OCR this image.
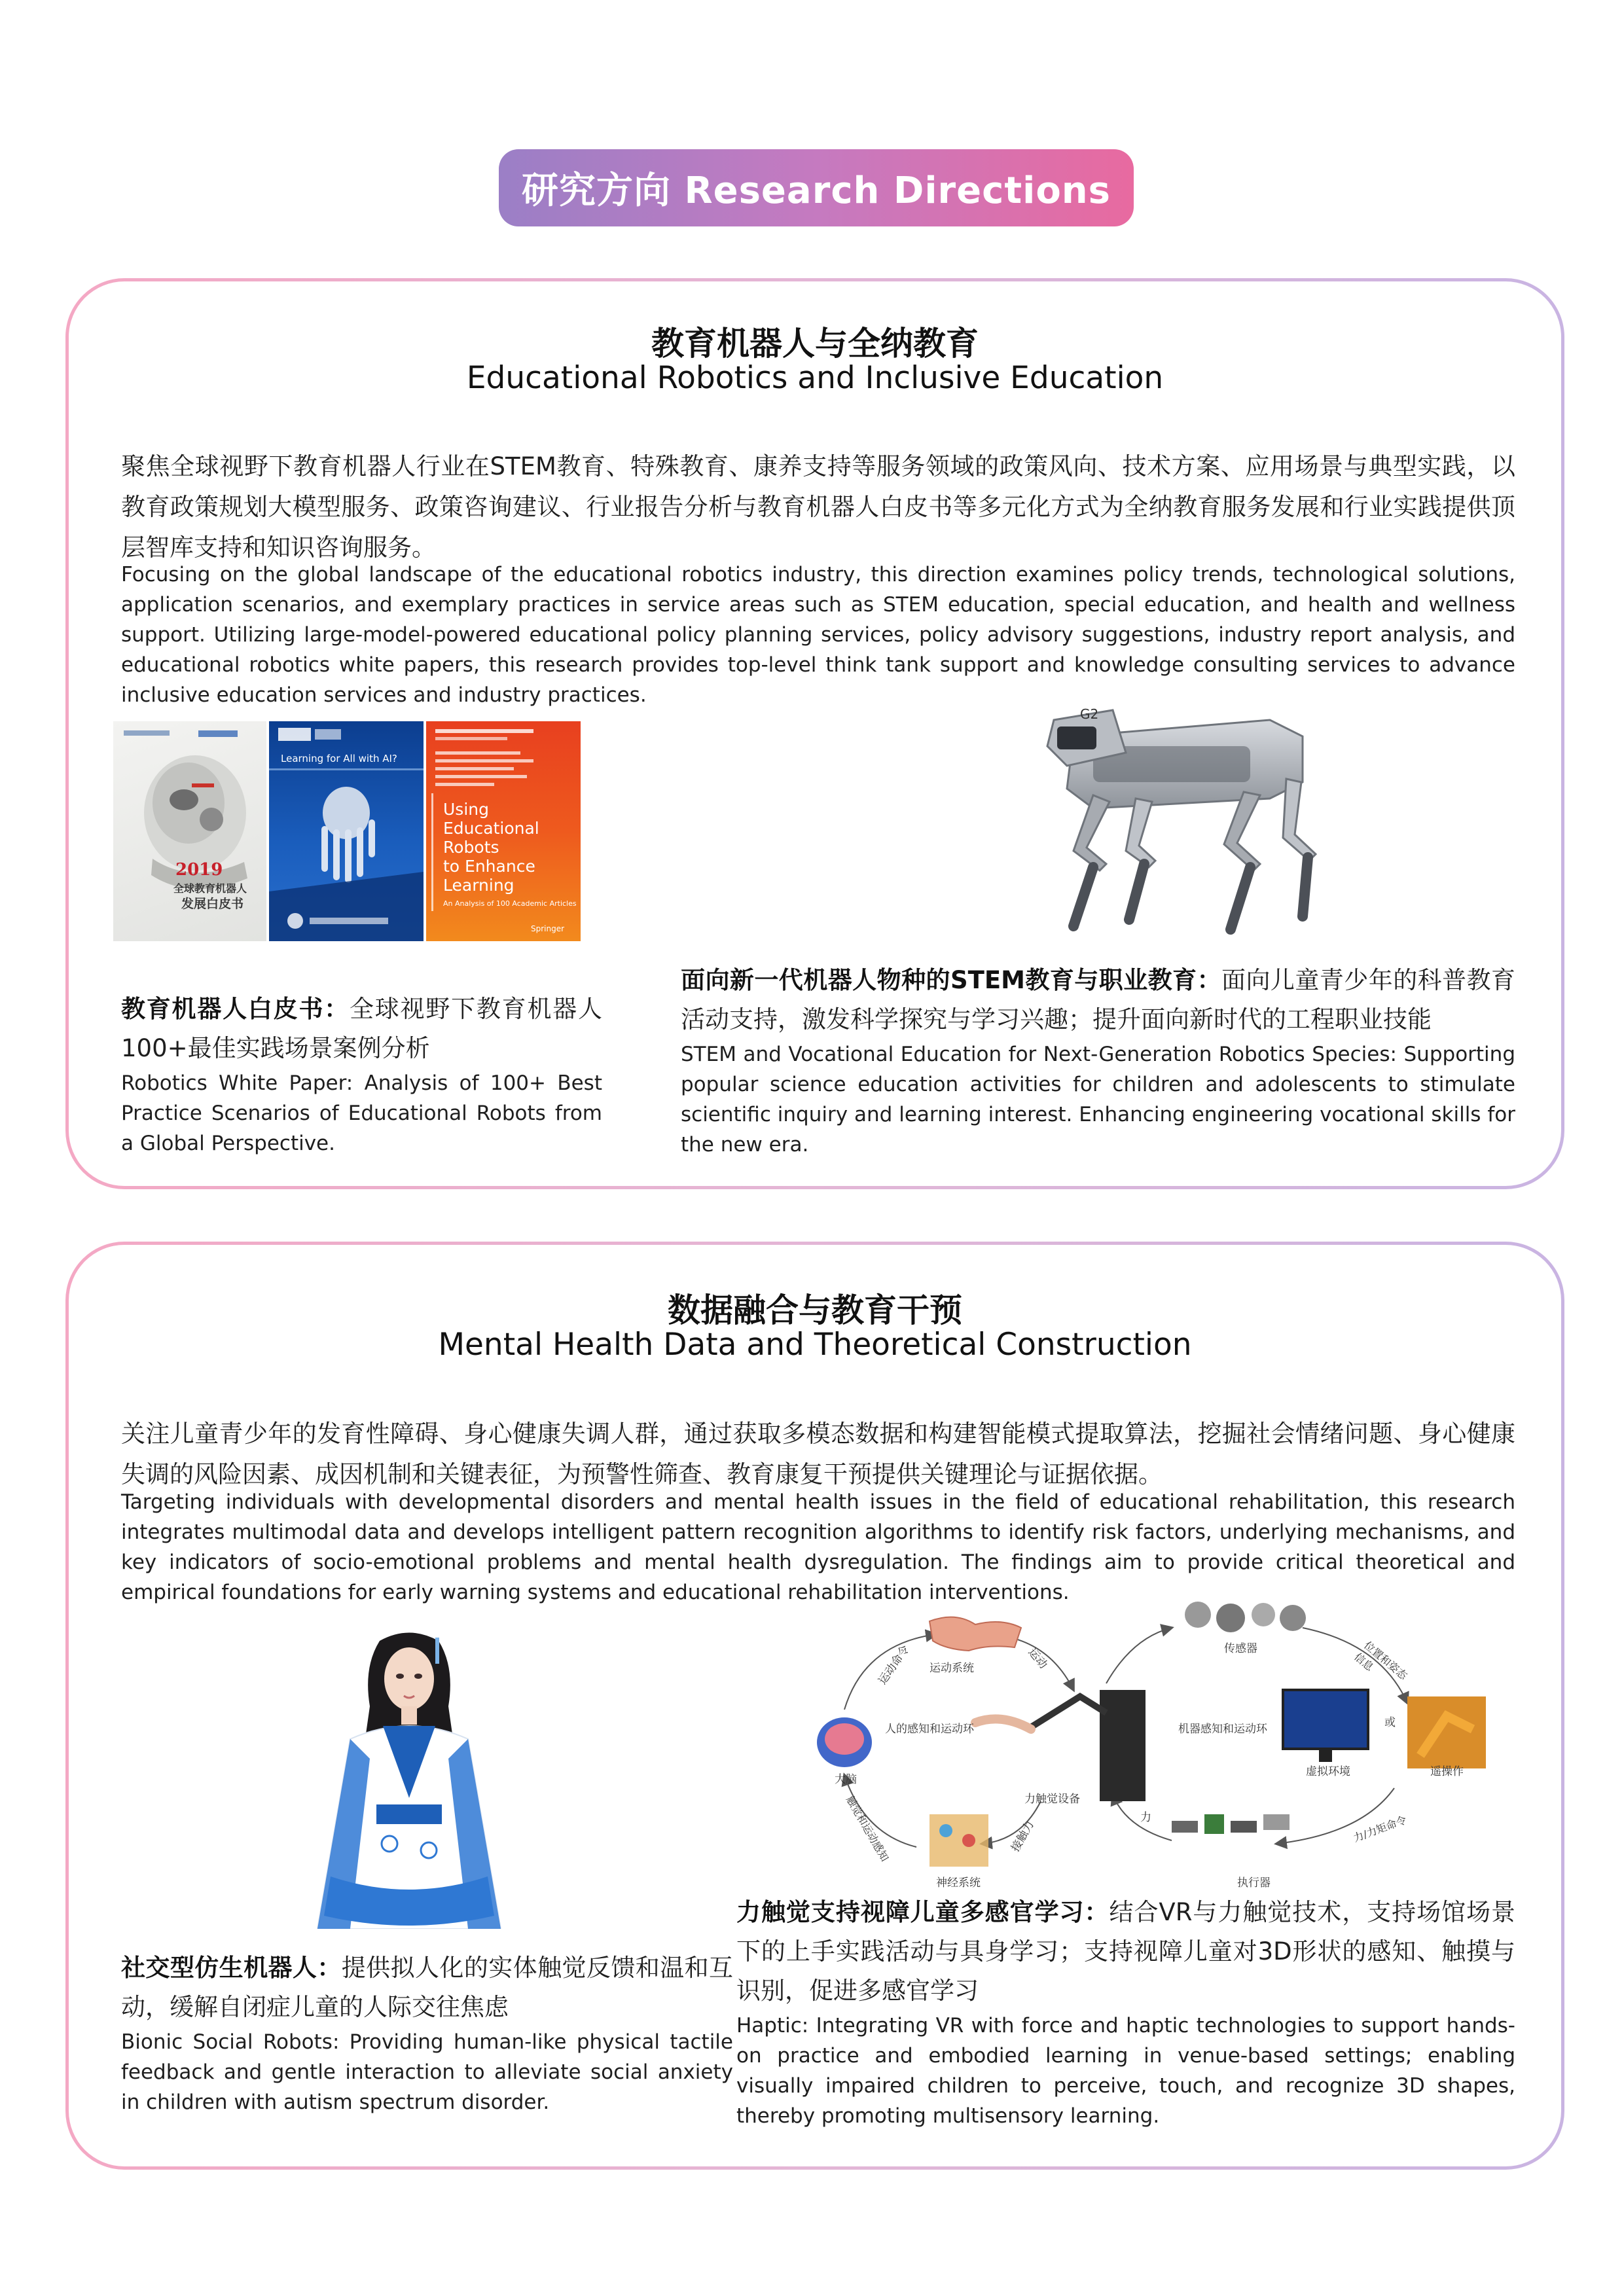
研究方向 Research Directions
教育机器人与全纳教育
Educational Robotics and Inclusive Education
聚焦全球视野下教育机器人行业在STEM教育、特殊教育、康养支持等服务领域的政策风向、技术方案、应用场景与典型实践，以教育政策规划大模型服务、政策咨询建议、行业报告分析与教育机器人白皮书等多元化方式为全纳教育服务发展和行业实践提供顶层智库支持和知识咨询服务。
Focusing on the global landscape of the educational robotics industry, this direction examines policy trends, technological solutions, application scenarios, and exemplary practices in service areas such as STEM education, special education, and health and wellness support. Utilizing large-model-powered educational policy planning services, policy advisory suggestions, industry report analysis, and educational robotics white papers, this research provides top-level think tank support and knowledge consulting services to advance inclusive education services and industry practices.
2019
全球教育机器人
发展白皮书
Learning for All with AI?
Using
Educational
Robots
to Enhance
Learning
An Analysis of 100 Academic Articles
Springer
G2
教育机器人白皮书：全球视野下教育机器人100+最佳实践场景案例分析
Robotics White Paper: Analysis of 100+ Best Practice Scenarios of Educational Robots from a Global Perspective.
面向新一代机器人物种的STEM教育与职业教育：面向儿童青少年的科普教育活动支持，激发科学探究与学习兴趣；提升面向新时代的工程职业技能
STEM and Vocational Education for Next-Generation Robotics Species: Supporting popular science education activities for children and adolescents to stimulate scientific inquiry and learning interest. Enhancing engineering vocational skills for the new era.
数据融合与教育干预
Mental Health Data and Theoretical Construction
关注儿童青少年的发育性障碍、身心健康失调人群，通过获取多模态数据和构建智能模式提取算法，挖掘社会情绪问题、身心健康失调的风险因素、成因机制和关键表征，为预警性筛查、教育康复干预提供关键理论与证据依据。
Targeting individuals with developmental disorders and mental health issues in the field of educational rehabilitation, this research integrates multimodal data and develops intelligent pattern recognition algorithms to identify risk factors, underlying mechanisms, and key indicators of socio-emotional problems and mental health dysregulation. The findings aim to provide critical theoretical and empirical foundations for early warning systems and educational rehabilitation interventions.
运动命令 运动系统	运动
大脑
人的感知和运动环
触觉和运动感知
神经系统
接触力
力触觉设备
力
传感器
机器感知和运动环
位置和姿态信息
或
虚拟环境	遥操作
力/力矩命令
执行器
社交型仿生机器人：提供拟人化的实体触觉反馈和温和互动，缓解自闭症儿童的人际交往焦虑
Bionic Social Robots: Providing human-like physical tactile feedback and gentle interaction to alleviate social anxiety in children with autism spectrum disorder.
力触觉支持视障儿童多感官学习：结合VR与力触觉技术，支持场馆场景下的上手实践活动与具身学习；支持视障儿童对3D形状的感知、触摸与识别，促进多感官学习
Haptic: Integrating VR with force and haptic technologies to support hands-on practice and embodied learning in venue-based settings; enabling visually impaired children to perceive, touch, and recognize 3D shapes, thereby promoting multisensory learning.
